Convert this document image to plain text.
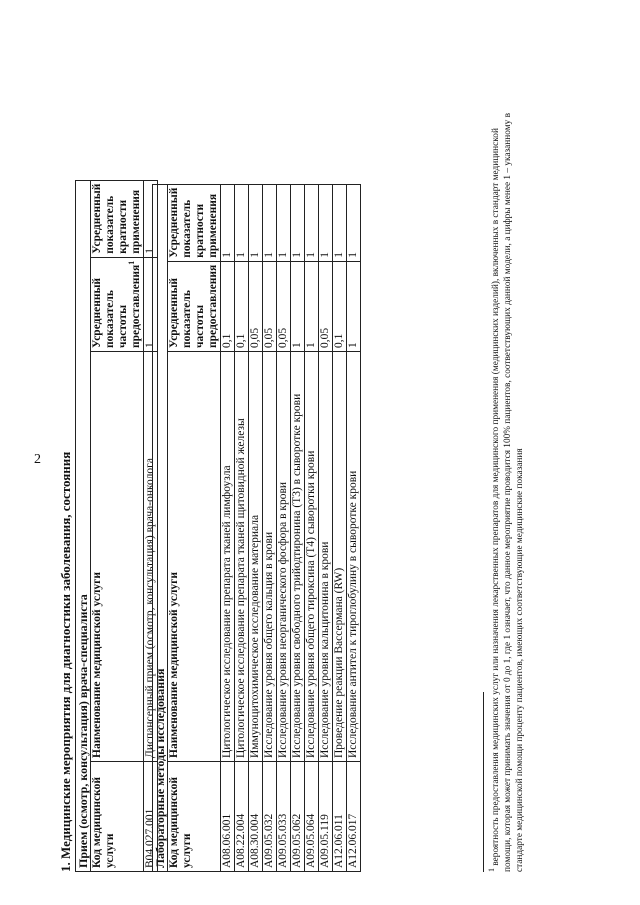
2 1. Медицинские мероприятия для диагностики заболевания, состояния Прием (осмотр, консультация) врача-специалиста			
Код медицинской услуги	Наименование медицинской услуги	Усредненный показатель частоты предоставления$^1$	Усредненный показатель кратности применения
B04.027.001	Диспансерный прием (осмотр, консультация) врача-онколога	1	1
Лабораторные методы исследования			
Код медицинской услуги	Наименование медицинской услуги	Усредненный показатель частоты предоставления	Усредненный показатель кратности применения
A08.06.001	Цитологическое исследование препарата тканей лимфоузла	0,1	1
A08.22.004	Цитологическое исследование препарата тканей щитовидной железы	0,1	1
A08.30.004	Иммуноцитохимическое исследование материала	0,05	1
A09.05.032	Исследование уровня общего кальция в крови	0,05	1
A09.05.033	Исследование уровня неорганического фосфора в крови	0,05	1
A09.05.062	Исследование уровня свободного трийодтиронина (Т3) в сыворотке крови	1	1
A09.05.064	Исследование уровня общего тироксина (Т4) сыворотки крови	1	1
A09.05.119	Исследование уровня кальцитонина в крови	0,05	1
A12.06.011	Проведение реакции Вассермана (RW)	0,1	1
A12.06.017	Исследование антител к тироглобулину в сыворотке крови	1	1
$^1$ вероятность предоставления медицинских услуг или назначения лекарственных препаратов для медицинского применения (медицинских изделий), включенных в стандарт медицинской помощи, которая может принимать значения от 0 до 1, где 1 означает, что данное мероприятие проводится 100% пациентов, соответствующих данной модели, а цифры менее 1 – указанному в стандарте медицинской помощи проценту пациентов, имеющих соответствующие медицинские показания
